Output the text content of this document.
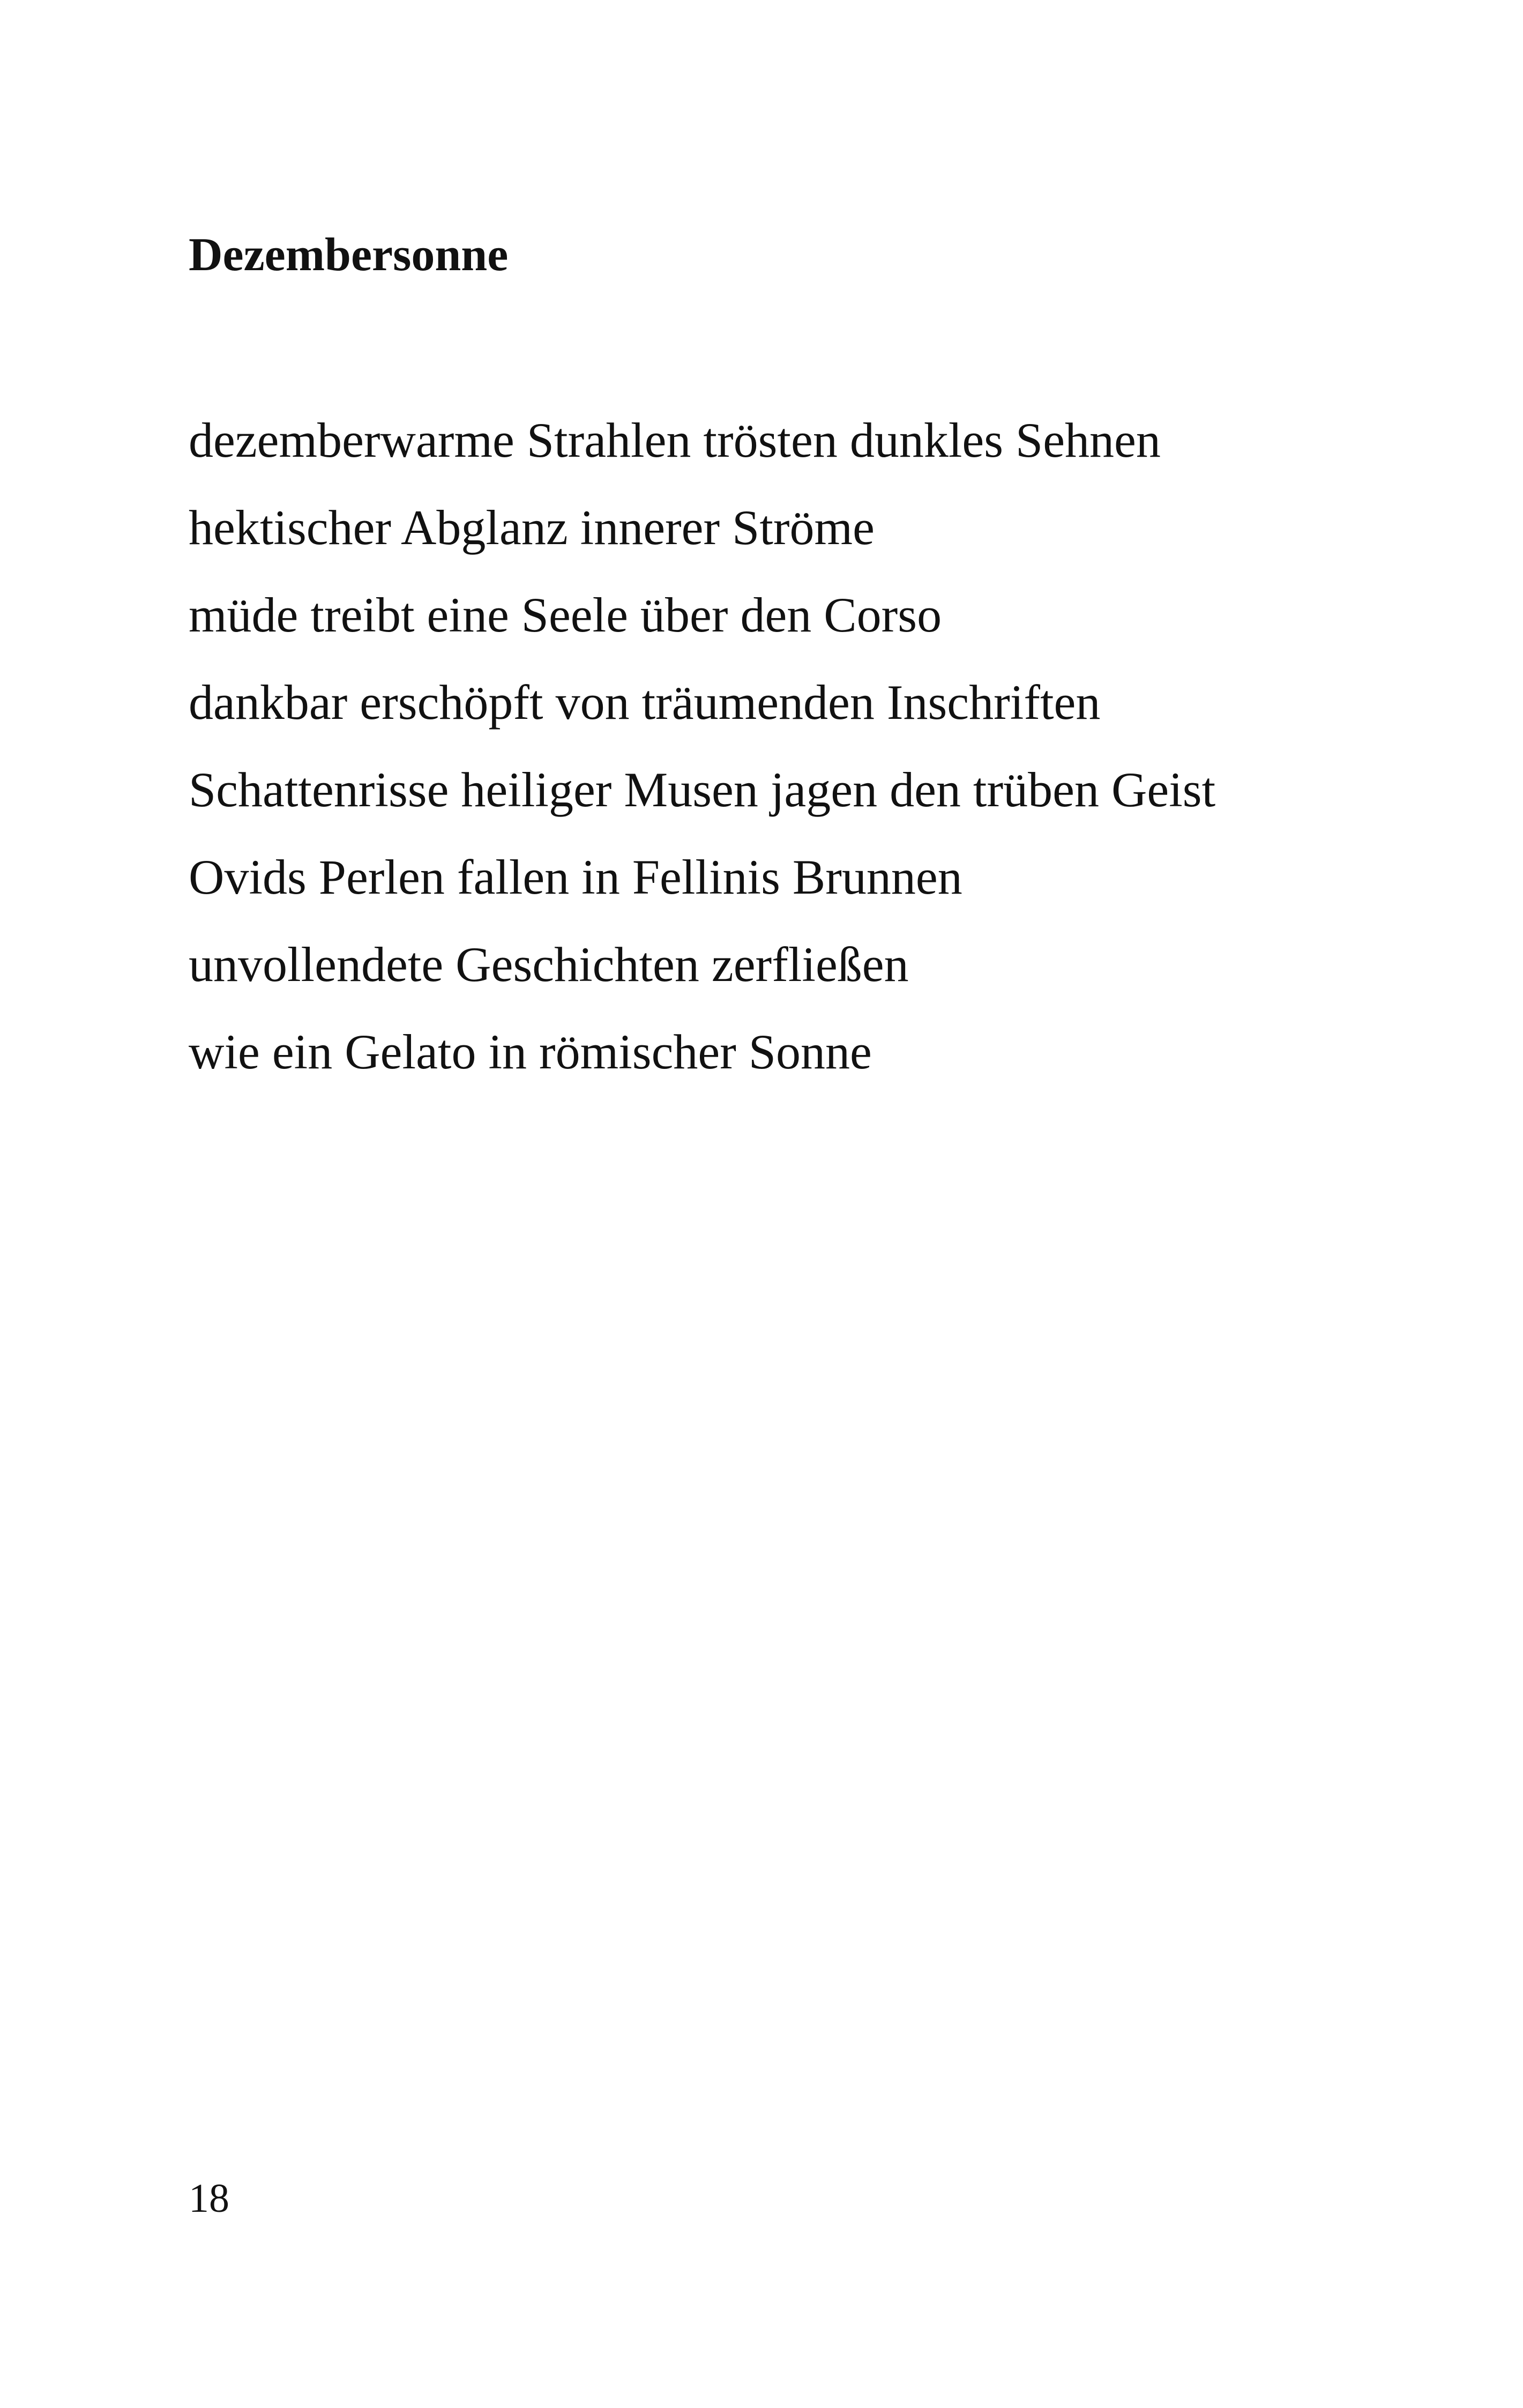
Dezembersonne
dezemberwarme Strahlen trösten dunkles Sehnen
hektischer Abglanz innerer Ströme
müde treibt eine Seele über den Corso
dankbar erschöpft von träumenden Inschriften
Schattenrisse heiliger Musen jagen den trüben Geist
Ovids Perlen fallen in Fellinis Brunnen
unvollendete Geschichten zerfließen
wie ein Gelato in römischer Sonne
18
